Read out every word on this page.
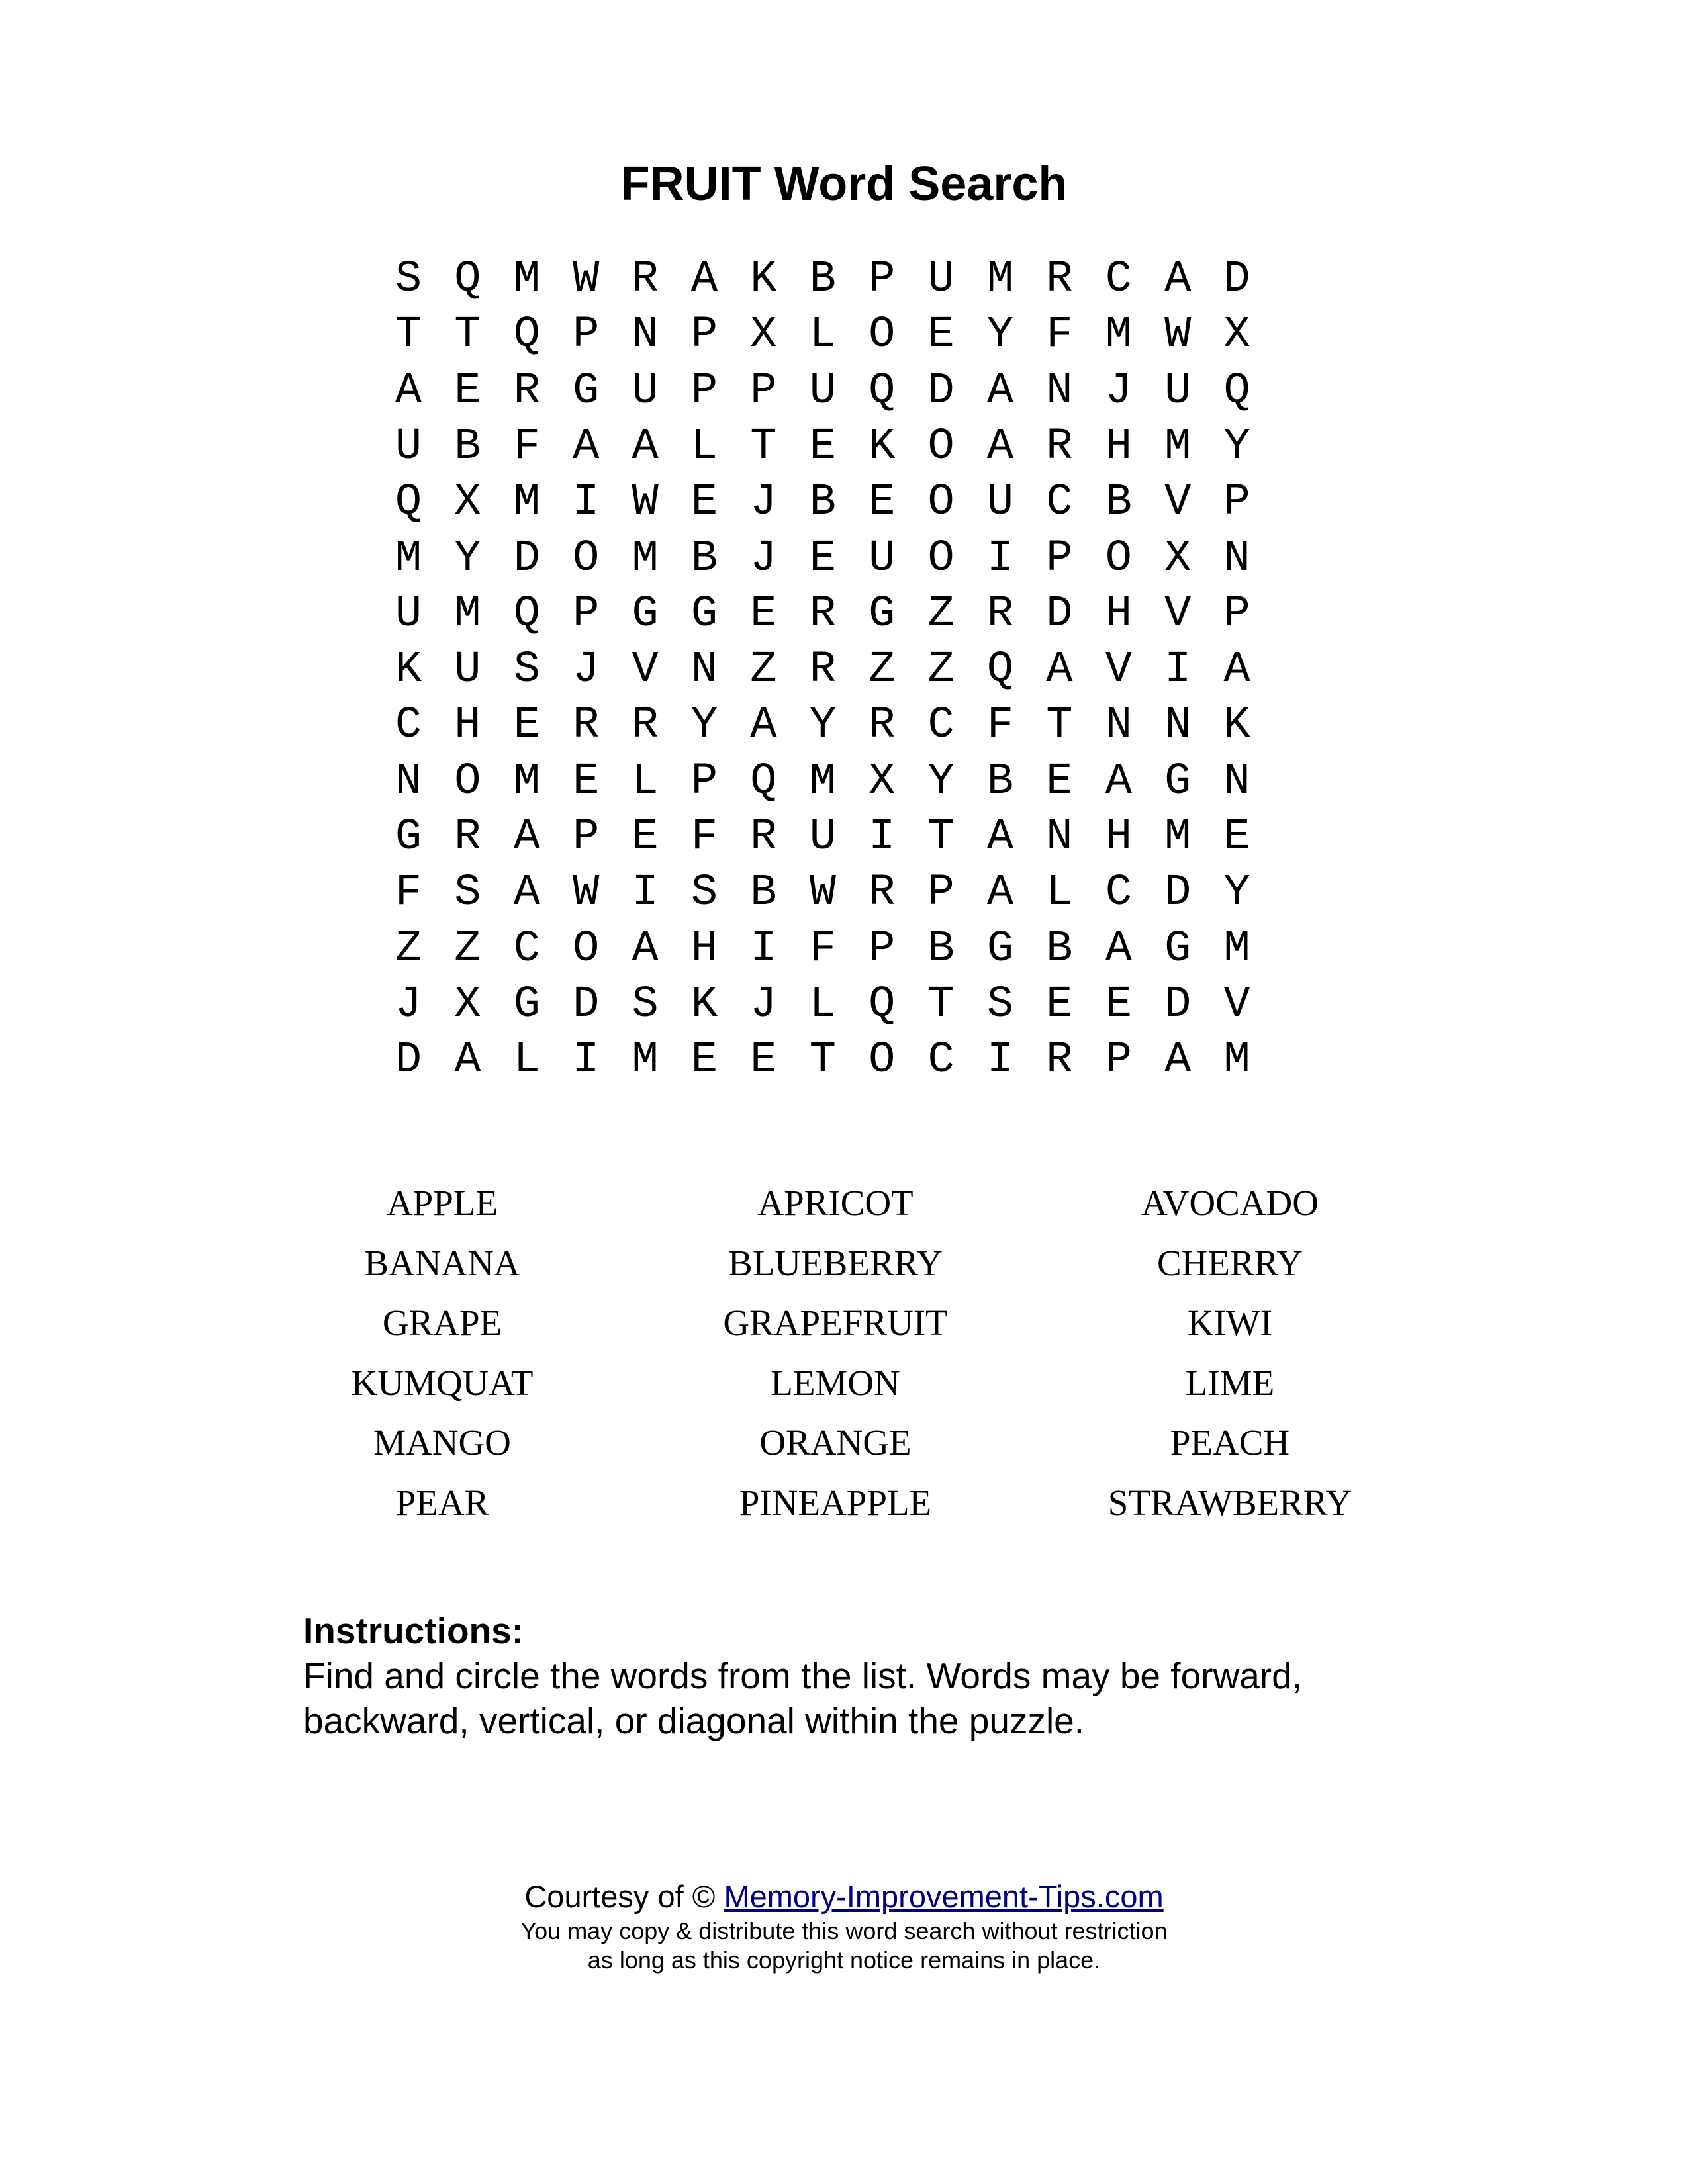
FRUIT Word Search
S Q M W R A K B P U M R C A D
T T Q P N P X L O E Y F M W X
A E R G U P P U Q D A N J U Q
U B F A A L T E K O A R H M Y
Q X M I W E J B E O U C B V P
M Y D O M B J E U O I P O X N
U M Q P G G E R G Z R D H V P
K U S J V N Z R Z Z Q A V I A
C H E R R Y A Y R C F T N N K
N O M E L P Q M X Y B E A G N
G R A P E F R U I T A N H M E
F S A W I S B W R P A L C D Y
Z Z C O A H I F P B G B A G M
J X G D S K J L Q T S E E D V
D A L I M E E T O C I R P A M
APPLE	APRICOT	AVOCADO
BANANA	BLUEBERRY	CHERRY
GRAPE	GRAPEFRUIT	KIWI
KUMQUAT	LEMON	LIME
MANGO	ORANGE	PEACH
PEAR	PINEAPPLE	STRAWBERRY

Instructions:

Find and circle the words from the list. Words may be forward, backward, vertical, or diagonal within the puzzle.

Courtesy of © Memory-Improvement-Tips.com

You may copy & distribute this word search without restriction

as long as this copyright notice remains in place.
